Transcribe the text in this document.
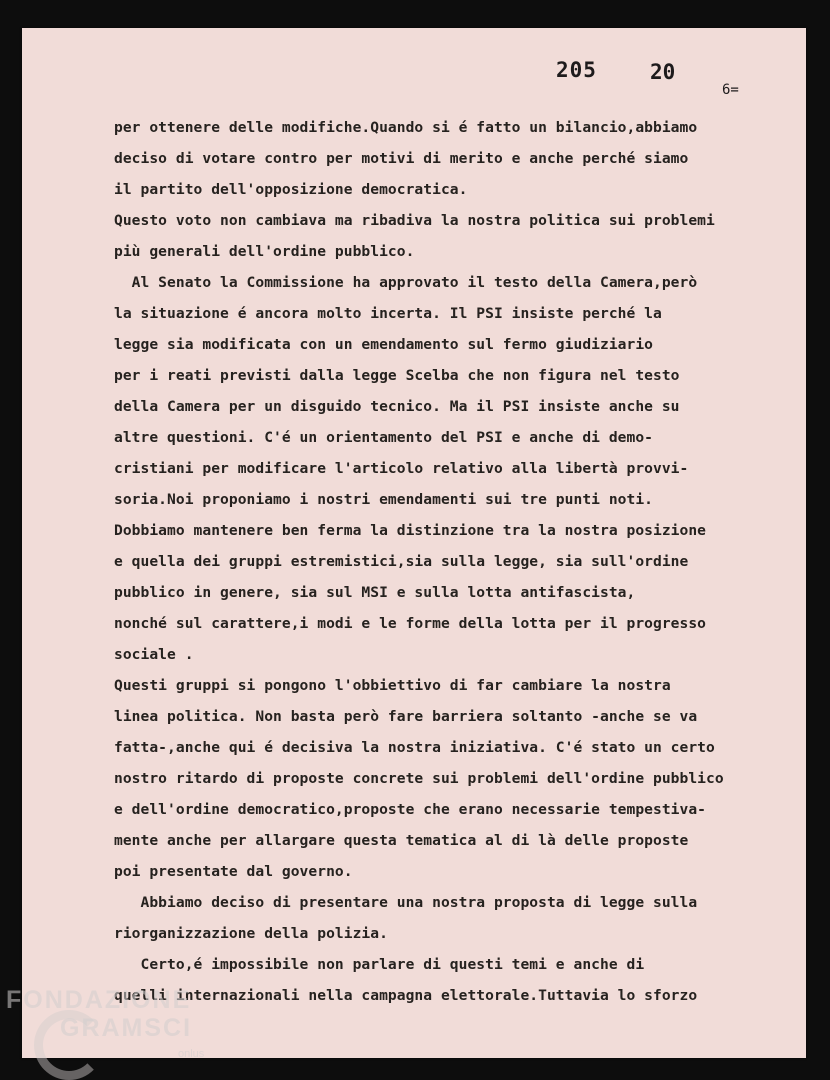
205	20
6=
per ottenere delle modifiche.Quando si é fatto un bilancio,abbiamo
deciso di votare contro per motivi di merito e anche perché siamo
il partito dell'opposizione democratica.
Questo voto non cambiava ma ribadiva la nostra politica sui problemi
più generali dell'ordine pubblico.
Al Senato la Commissione ha approvato il testo della Camera,però
la situazione é ancora molto incerta. Il PSI insiste perché la
legge sia modificata con un emendamento sul fermo giudiziario
per i reati previsti dalla legge Scelba che non figura nel testo
della Camera per un disguido tecnico. Ma il PSI insiste anche su
altre questioni. C'é un orientamento del PSI e anche di demo-
cristiani per modificare l'articolo relativo alla libertà provvi-
soria.Noi proponiamo i nostri emendamenti sui tre punti noti.
Dobbiamo mantenere ben ferma la distinzione tra la nostra posizione
e quella dei gruppi estremistici,sia sulla legge, sia sull'ordine
pubblico in genere, sia sul MSI e sulla lotta antifascista,
nonché sul carattere,i modi e le forme della lotta per il progresso
sociale .
Questi gruppi si pongono l'obbiettivo di far cambiare la nostra
linea politica. Non basta però fare barriera soltanto -anche se va
fatta-,anche qui é decisiva la nostra iniziativa. C'é stato un certo
nostro ritardo di proposte concrete sui problemi dell'ordine pubblico
e dell'ordine democratico,proposte che erano necessarie tempestiva-
mente anche per allargare questa tematica al di là delle proposte
poi presentate dal governo.
Abbiamo deciso di presentare una nostra proposta di legge sulla
riorganizzazione della polizia.
Certo,é impossibile non parlare di questi temi e anche di
quelli internazionali nella campagna elettorale.Tuttavia lo sforzo
FONDAZIONE
GRAMSCI
onlus
